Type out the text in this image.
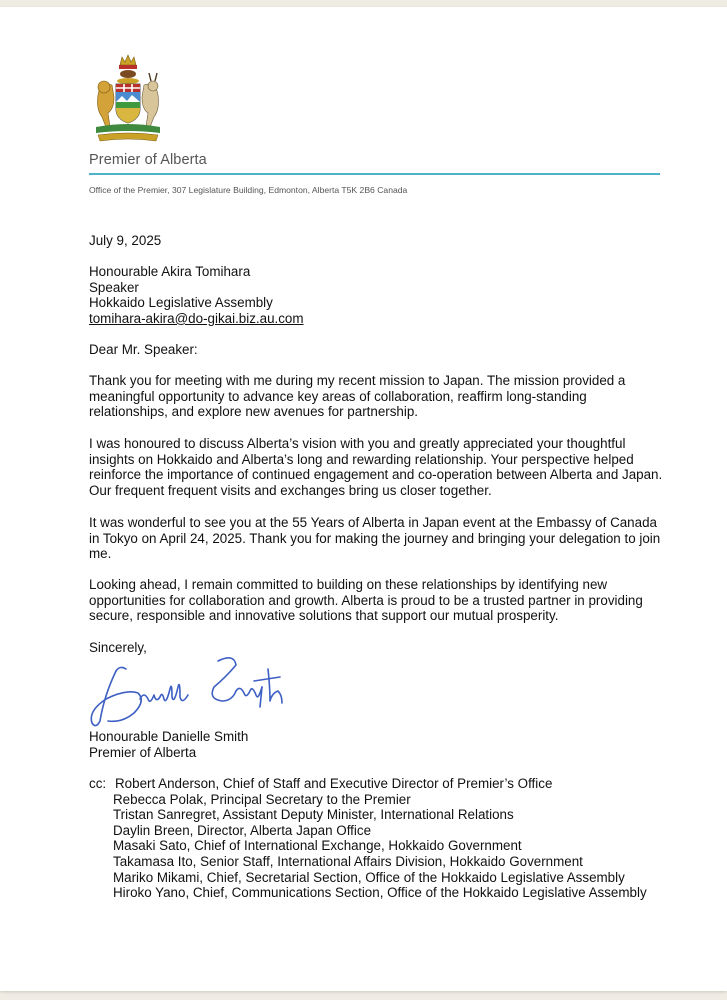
Premier of Alberta
Office of the Premier, 307 Legislature Building, Edmonton, Alberta T5K 2B6 Canada
July 9, 2025
Honourable Akira Tomihara
Speaker
Hokkaido Legislative Assembly
tomihara-akira@do-gikai.biz.au.com
Dear Mr. Speaker:

Thank you for meeting with me during my recent mission to Japan. The mission provided a meaningful opportunity to advance key areas of collaboration, reaffirm long-standing relationships, and explore new avenues for partnership.

I was honoured to discuss Alberta’s vision with you and greatly appreciated your thoughtful insights on Hokkaido and Alberta’s long and rewarding relationship. Your perspective helped reinforce the importance of continued engagement and co-operation between Alberta and Japan. Our frequent frequent visits and exchanges bring us closer together.

It was wonderful to see you at the 55 Years of Alberta in Japan event at the Embassy of Canada in Tokyo on April 24, 2025. Thank you for making the journey and bringing your delegation to join me.

Looking ahead, I remain committed to building on these relationships by identifying new opportunities for collaboration and growth. Alberta is proud to be a trusted partner in providing secure, responsible and innovative solutions that support our mutual prosperity.

Sincerely,
Honourable Danielle Smith
Premier of Alberta
cc: Robert Anderson, Chief of Staff and Executive Director of Premier’s Office
Rebecca Polak, Principal Secretary to the Premier
Tristan Sanregret, Assistant Deputy Minister, International Relations
Daylin Breen, Director, Alberta Japan Office
Masaki Sato, Chief of International Exchange, Hokkaido Government
Takamasa Ito, Senior Staff, International Affairs Division, Hokkaido Government
Mariko Mikami, Chief, Secretarial Section, Office of the Hokkaido Legislative Assembly
Hiroko Yano, Chief, Communications Section, Office of the Hokkaido Legislative Assembly
